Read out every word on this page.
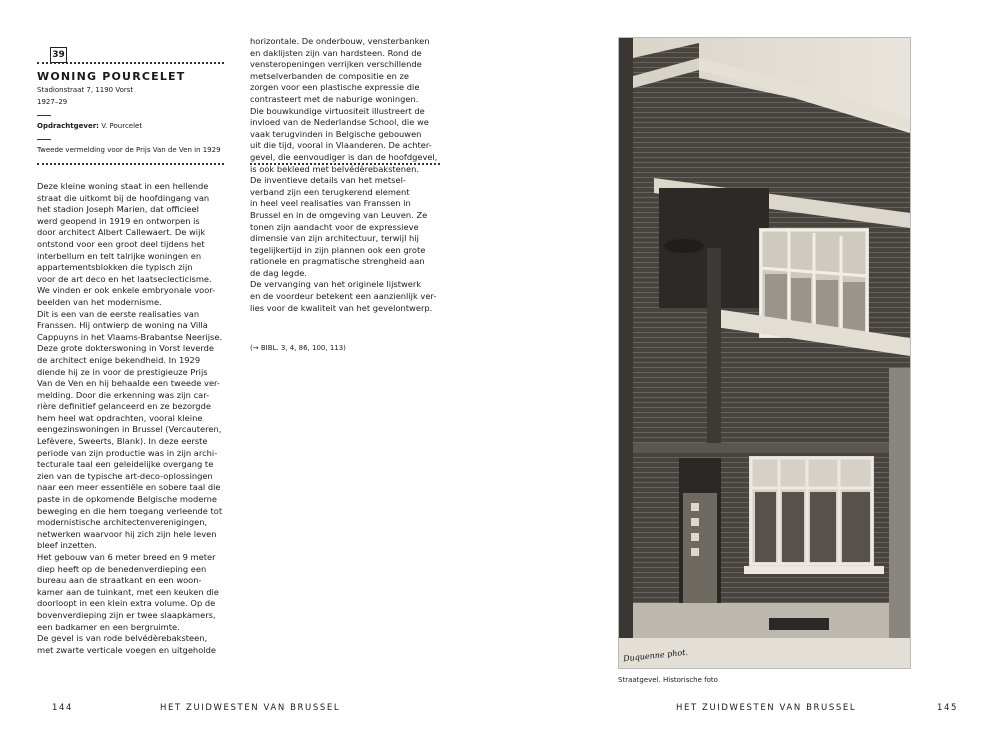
39
WONING POURCELET
Stadionstraat 7, 1190 Vorst
1927–29
Opdrachtgever: V. Pourcelet
Tweede vermelding voor de Prijs Van de Ven in 1929
Deze kleine woning staat in een hellende
straat die uitkomt bij de hoofdingang van
het stadion Joseph Marien, dat officieel
werd geopend in 1919 en ontworpen is
door architect Albert Callewaert. De wijk
ontstond voor een groot deel tijdens het
interbellum en telt talrijke woningen en
appartementsblokken die typisch zijn
voor de art deco en het laatseclecticisme.
We vinden er ook enkele embryonale voor-
beelden van het modernisme.
Dit is een van de eerste realisaties van
Franssen. Hij ontwierp de woning na Villa
Cappuyns in het Vlaams-Brabantse Neerijse.
Deze grote dokterswoning in Vorst leverde
de architect enige bekendheid. In 1929
diende hij ze in voor de prestigieuze Prijs
Van de Ven en hij behaalde een tweede ver-
melding. Door die erkenning was zijn car-
rière definitief gelanceerd en ze bezorgde
hem heel wat opdrachten, vooral kleine
eengezinswoningen in Brussel (Vercauteren,
Lefèvere, Sweerts, Blank). In deze eerste
periode van zijn productie was in zijn archi-
tecturale taal een geleidelijke overgang te
zien van de typische art-deco-oplossingen
naar een meer essentiële en sobere taal die
paste in de opkomende Belgische moderne
beweging en die hem toegang verleende tot
modernistische architectenverenigingen,
netwerken waarvoor hij zich zijn hele leven
bleef inzetten.
Het gebouw van 6 meter breed en 9 meter
diep heeft op de benedenverdieping een
bureau aan de straatkant en een woon-
kamer aan de tuinkant, met een keuken die
doorloopt in een klein extra volume. Op de
bovenverdieping zijn er twee slaapkamers,
een badkamer en een bergruimte.
De gevel is van rode belvédèrebaksteen,
met zwarte verticale voegen en uitgeholde
horizontale. De onderbouw, vensterbanken
en daklijsten zijn van hardsteen. Rond de
vensteropeningen verrijken verschillende
metselverbanden de compositie en ze
zorgen voor een plastische expressie die
contrasteert met de naburige woningen.
Die bouwkundige virtuositeit illustreert de
invloed van de Nederlandse School, die we
vaak terugvinden in Belgische gebouwen
uit die tijd, vooral in Vlaanderen. De achter-
gevel, die eenvoudiger is dan de hoofdgevel,
is ook bekleed met belvédèrebakstenen.
De inventieve details van het metsel-
verband zijn een terugkerend element
in heel veel realisaties van Franssen in
Brussel en in de omgeving van Leuven. Ze
tonen zijn aandacht voor de expressieve
dimensie van zijn architectuur, terwijl hij
tegelijkertijd in zijn plannen ook een grote
rationele en pragmatische strengheid aan
de dag legde.
De vervanging van het originele lijstwerk
en de voordeur betekent een aanzienlijk ver-
lies voor de kwaliteit van het gevelontwerp.
(→ BIBL. 3, 4, 86, 100, 113)
144	HET ZUIDWESTEN VAN BRUSSEL
Duquenne phot.
Straatgevel. Historische foto
HET ZUIDWESTEN VAN BRUSSEL	145
